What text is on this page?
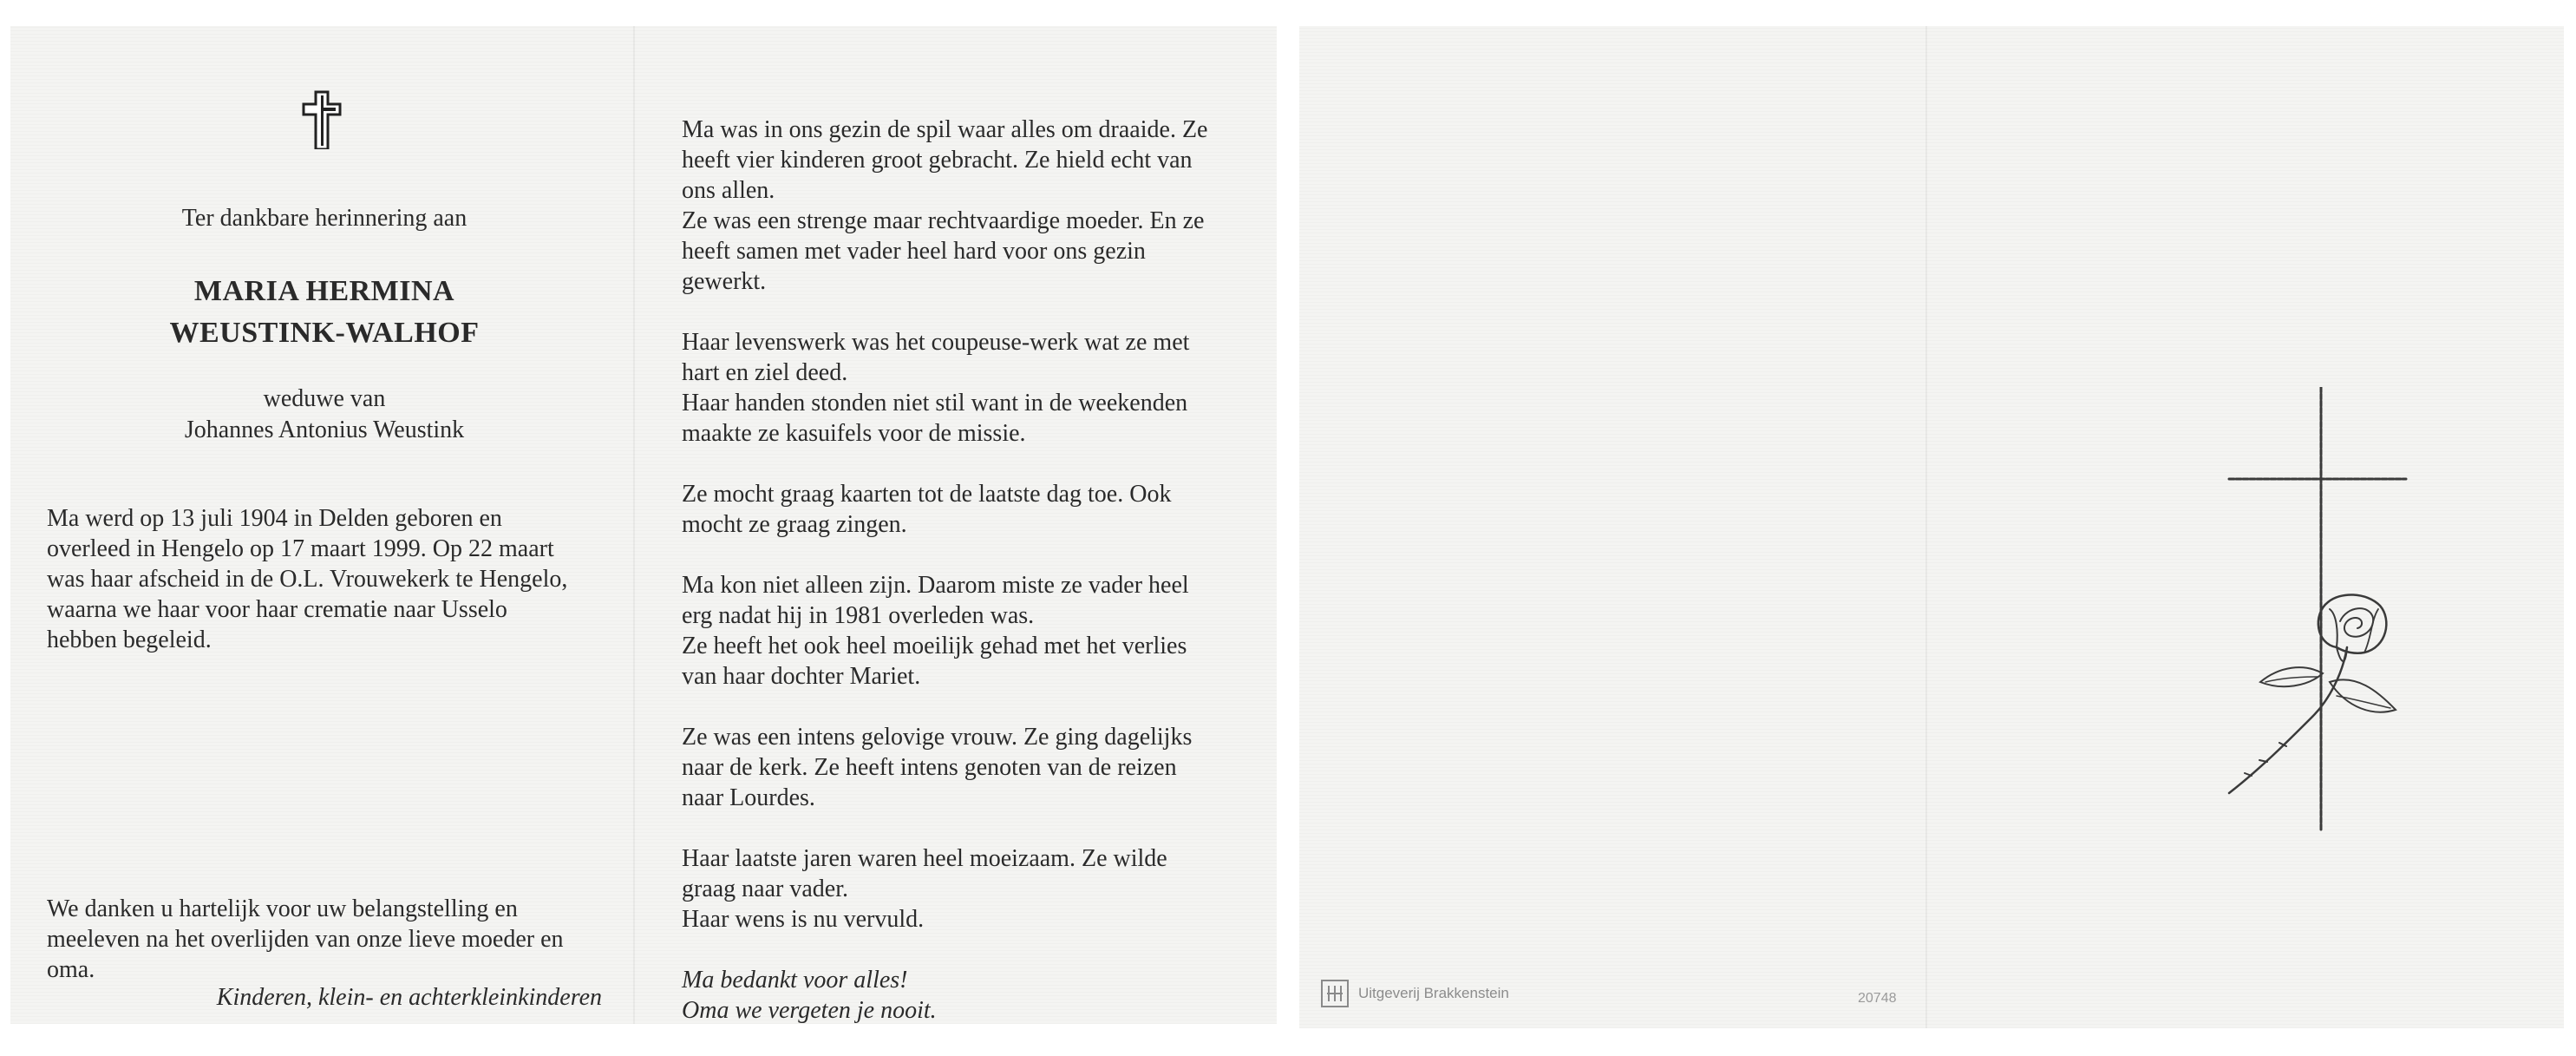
Ter dankbare herinnering aan
MARIA HERMINA
WEUSTINK-WALHOF
weduwe van
Johannes Antonius Weustink
Ma werd op 13 juli 1904 in Delden geboren en
overleed in Hengelo op 17 maart 1999. Op 22 maart
was haar afscheid in de O.L. Vrouwekerk te Hengelo,
waarna we haar voor haar crematie naar Usselo
hebben begeleid.
We danken u hartelijk voor uw belangstelling en
meeleven na het overlijden van onze lieve moeder en
oma.
Kinderen, klein- en achterkleinkinderen
Ma was in ons gezin de spil waar alles om draaide. Ze
heeft vier kinderen groot gebracht. Ze hield echt van
ons allen.
Ze was een strenge maar rechtvaardige moeder. En ze
heeft samen met vader heel hard voor ons gezin
gewerkt.
Haar levenswerk was het coupeuse-werk wat ze met
hart en ziel deed.
Haar handen stonden niet stil want in de weekenden
maakte ze kasuifels voor de missie.
Ze mocht graag kaarten tot de laatste dag toe. Ook
mocht ze graag zingen.
Ma kon niet alleen zijn. Daarom miste ze vader heel
erg nadat hij in 1981 overleden was.
Ze heeft het ook heel moeilijk gehad met het verlies
van haar dochter Mariet.
Ze was een intens gelovige vrouw. Ze ging dagelijks
naar de kerk. Ze heeft intens genoten van de reizen
naar Lourdes.
Haar laatste jaren waren heel moeizaam. Ze wilde
graag naar vader.
Haar wens is nu vervuld.
Ma bedankt voor alles!
Oma we vergeten je nooit.
Uitgeverij Brakkenstein	20748
